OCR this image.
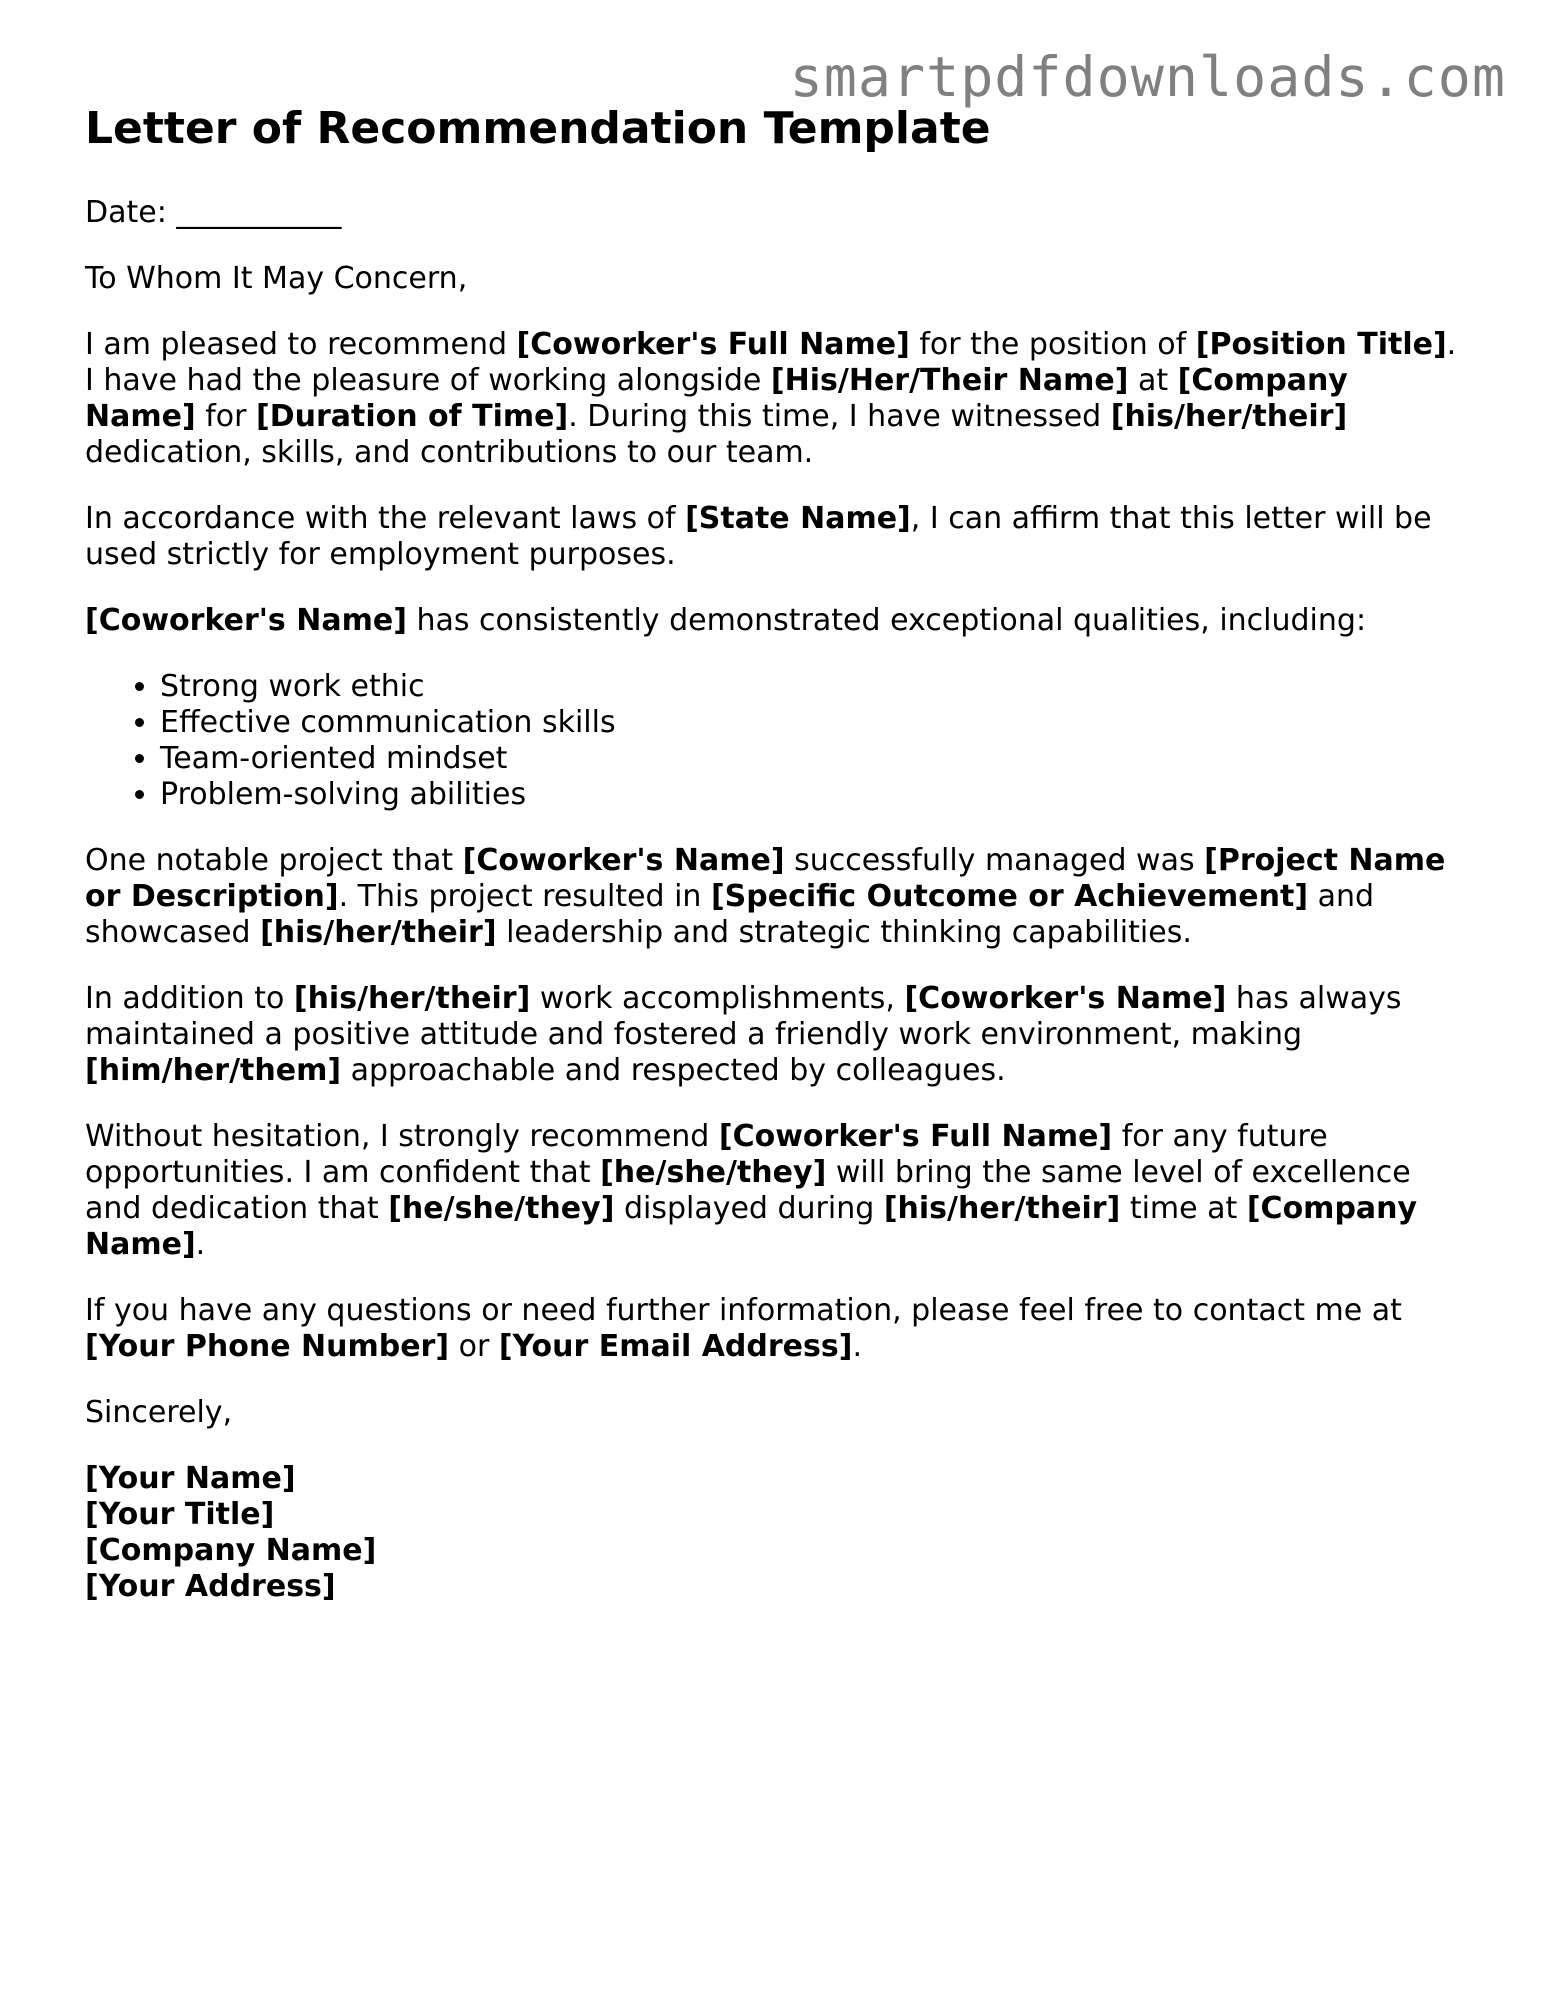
smartpdfdownloads.com
Letter of Recommendation Template

Date: ___________

To Whom It May Concern,

I am pleased to recommend [Coworker's Full Name] for the position of [Position Title]. I have had the pleasure of working alongside [His/Her/Their Name] at [Company Name] for [Duration of Time]. During this time, I have witnessed [his/her/their] dedication, skills, and contributions to our team.

In accordance with the relevant laws of [State Name], I can affirm that this letter will be used strictly for employment purposes.

[Coworker's Name] has consistently demonstrated exceptional qualities, including:

• Strong work ethic
• Effective communication skills
• Team-oriented mindset
• Problem-solving abilities

One notable project that [Coworker's Name] successfully managed was [Project Name or Description]. This project resulted in [Specific Outcome or Achievement] and showcased [his/her/their] leadership and strategic thinking capabilities.

In addition to [his/her/their] work accomplishments, [Coworker's Name] has always maintained a positive attitude and fostered a friendly work environment, making [him/her/them] approachable and respected by colleagues.

Without hesitation, I strongly recommend [Coworker's Full Name] for any future opportunities. I am confident that [he/she/they] will bring the same level of excellence and dedication that [he/she/they] displayed during [his/her/their] time at [Company Name].

If you have any questions or need further information, please feel free to contact me at [Your Phone Number] or [Your Email Address].

Sincerely,

[Your Name]
[Your Title]
[Company Name]
[Your Address]
